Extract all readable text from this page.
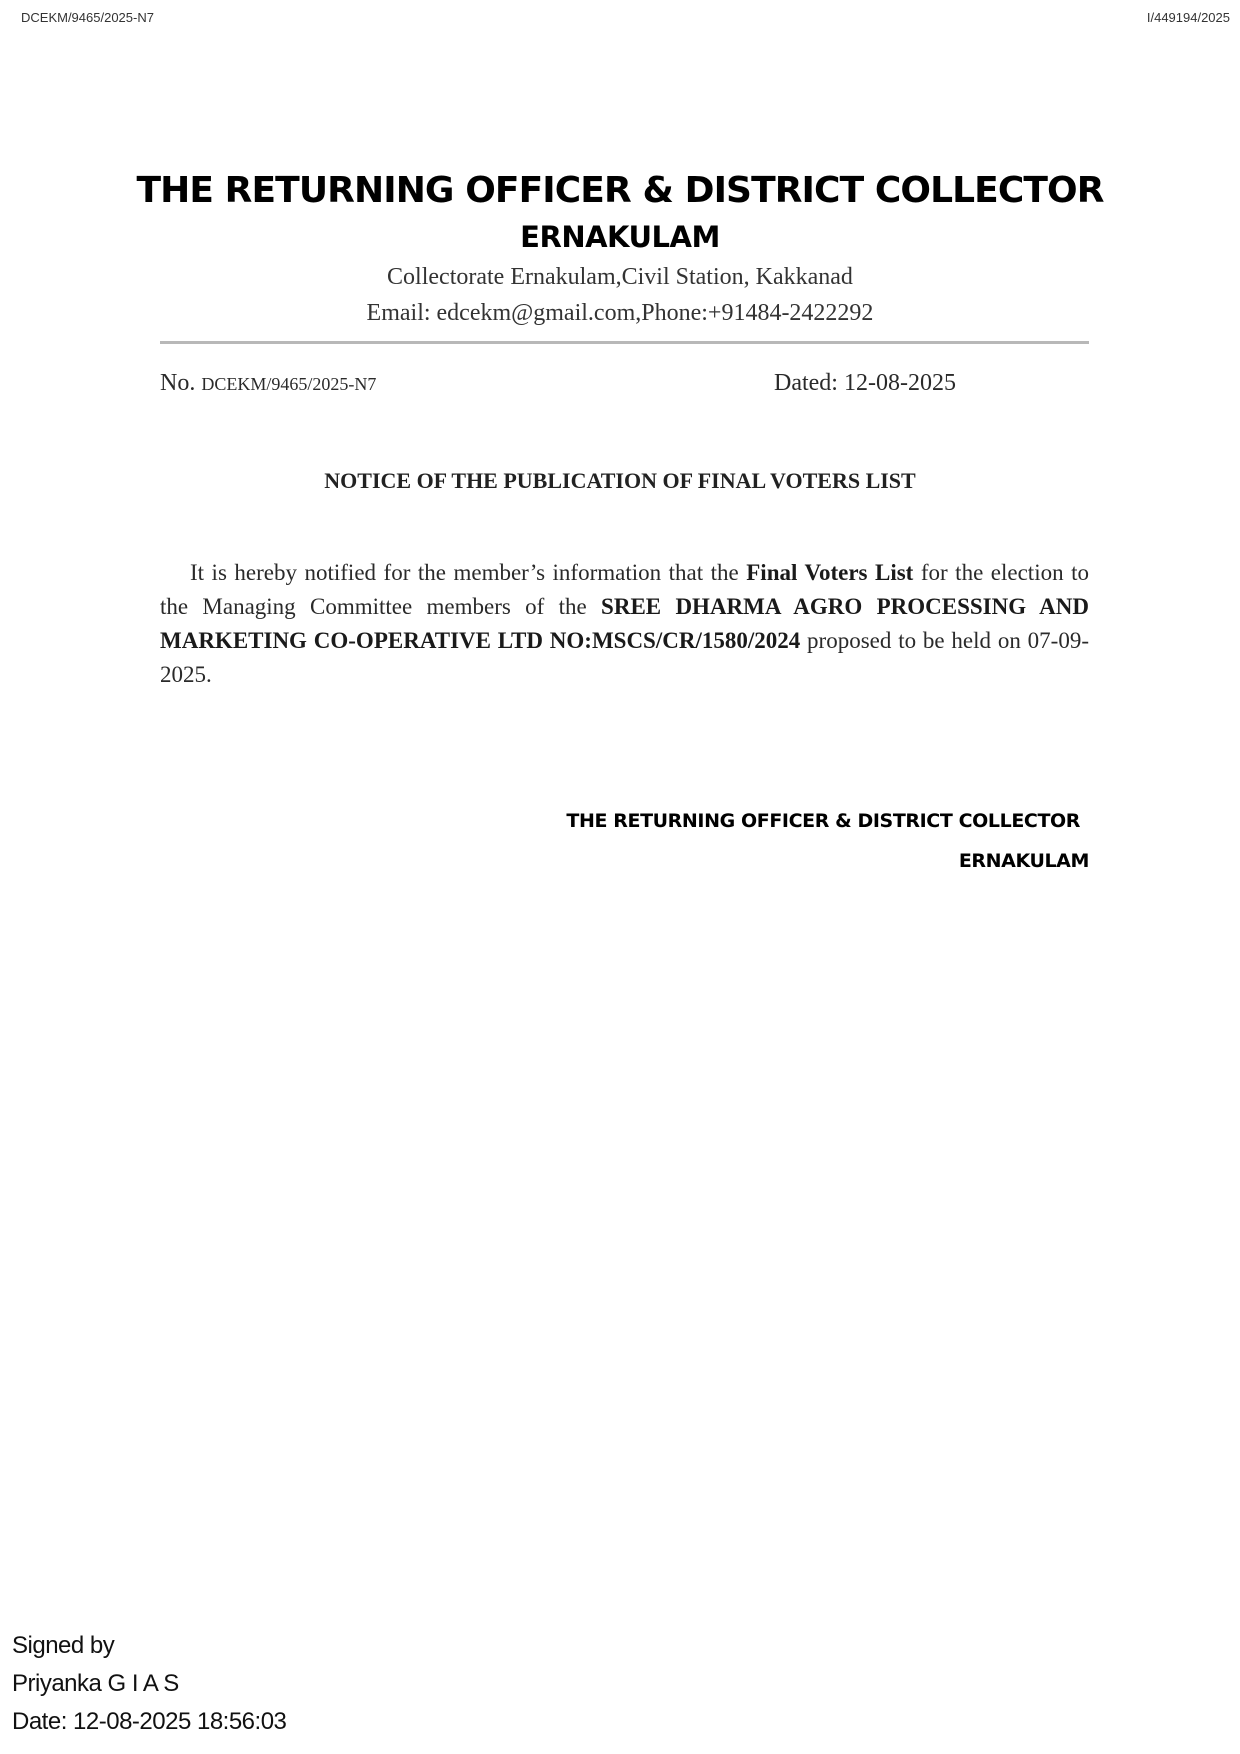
DCEKM/9465/2025-N7	I/449194/2025
THE RETURNING OFFICER & DISTRICT COLLECTOR
ERNAKULAM
Collectorate Ernakulam,Civil Station, Kakkanad
Email: edcekm@gmail.com,Phone:+91484-2422292
No. DCEKM/9465/2025-N7	Dated: 12-08-2025
NOTICE OF THE PUBLICATION OF FINAL VOTERS LIST
It is hereby notified for the member’s information that the Final Voters List for the election to the Managing Committee members of the SREE DHARMA AGRO PROCESSING AND MARKETING CO-OPERATIVE LTD NO:MSCS/CR/1580/2024 proposed to be held on 07-09-2025.
THE RETURNING OFFICER & DISTRICT COLLECTOR
ERNAKULAM
Signed by
Priyanka G I A S
Date: 12-08-2025 18:56:03
